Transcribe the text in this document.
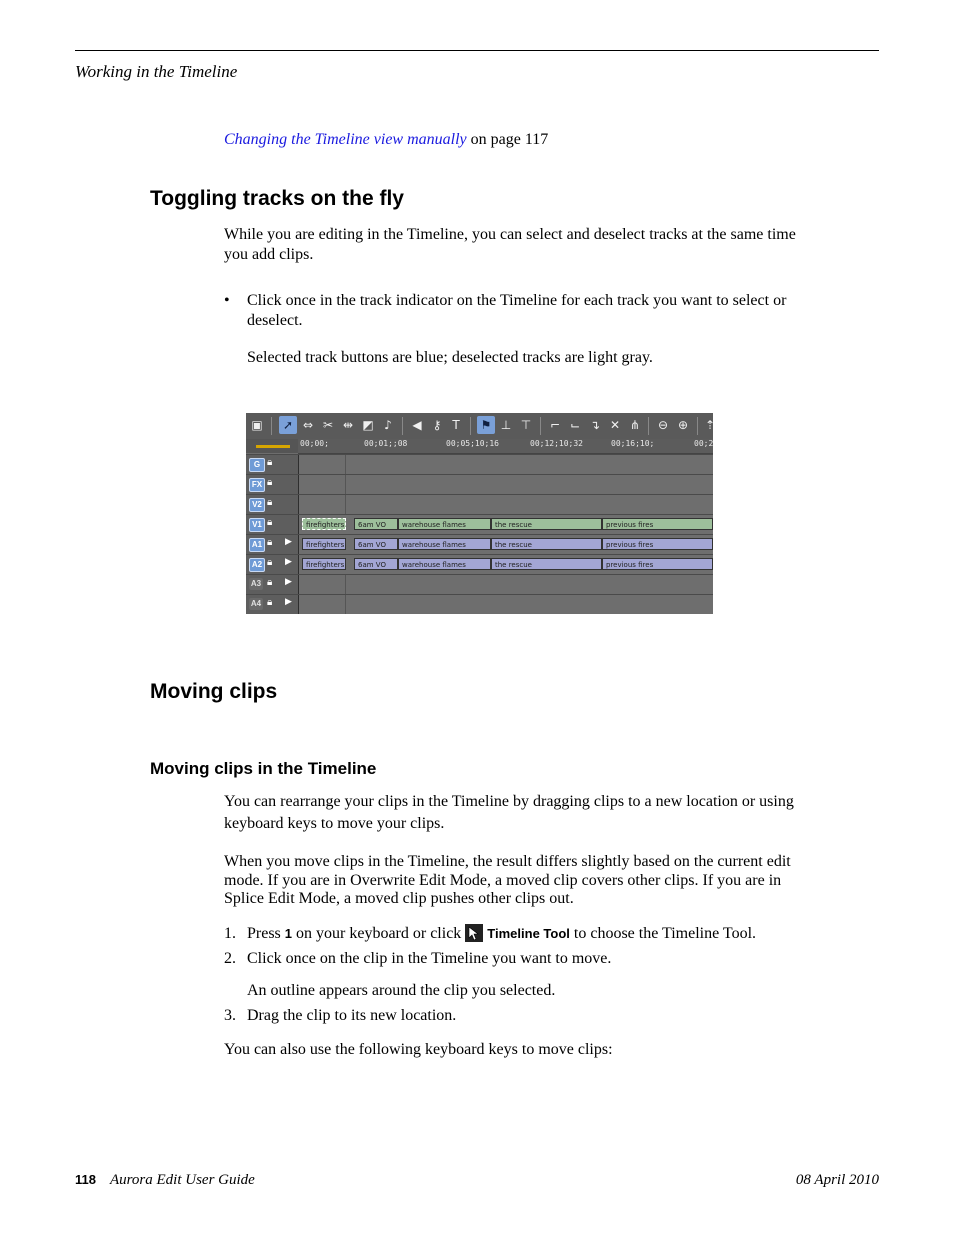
Working in the Timeline
Changing the Timeline view manually on page 117
Toggling tracks on the fly
While you are editing in the Timeline, you can select and deselect tracks at the same time you add clips.
• Click once in the track indicator on the Timeline for each track you want to select or deselect.
Selected track buttons are blue; deselected tracks are light gray.
▣	➚ ⇔ ✂ ⇹ ◩ ♪	◀ ⚷ T	⚑ ⊥ ⊤	⌐ ⌙ ↴ ✕ ⋔	⊖ ⊕	⇡
00;00;	00;01;;08	00;05;10;16	00;12;10;32	00;16;10;	00;2
G 🔒︎
FX 🔒︎
V2 🔒︎
V1 🔒︎	firefighters	6am VO	warehouse flames	the rescue	previous fires
A1 🔒︎ ▶	firefighters	6am VO	warehouse flames	the rescue	previous fires
A2 🔒︎ ▶	firefighters	6am VO	warehouse flames	the rescue	previous fires
A3 🔒︎ ▶
A4 🔒︎ ▶
Moving clips
Moving clips in the Timeline
You can rearrange your clips in the Timeline by dragging clips to a new location or using keyboard keys to move your clips.
When you move clips in the Timeline, the result differs slightly based on the current edit mode. If you are in Overwrite Edit Mode, a moved clip covers other clips. If you are in Splice Edit Mode, a moved clip pushes other clips out.
1. Press 1 on your keyboard or click Timeline Tool to choose the Timeline Tool.
2. Click once on the clip in the Timeline you want to move.
An outline appears around the clip you selected.
3. Drag the clip to its new location.
You can also use the following keyboard keys to move clips:
118 Aurora Edit User Guide	08 April 2010
